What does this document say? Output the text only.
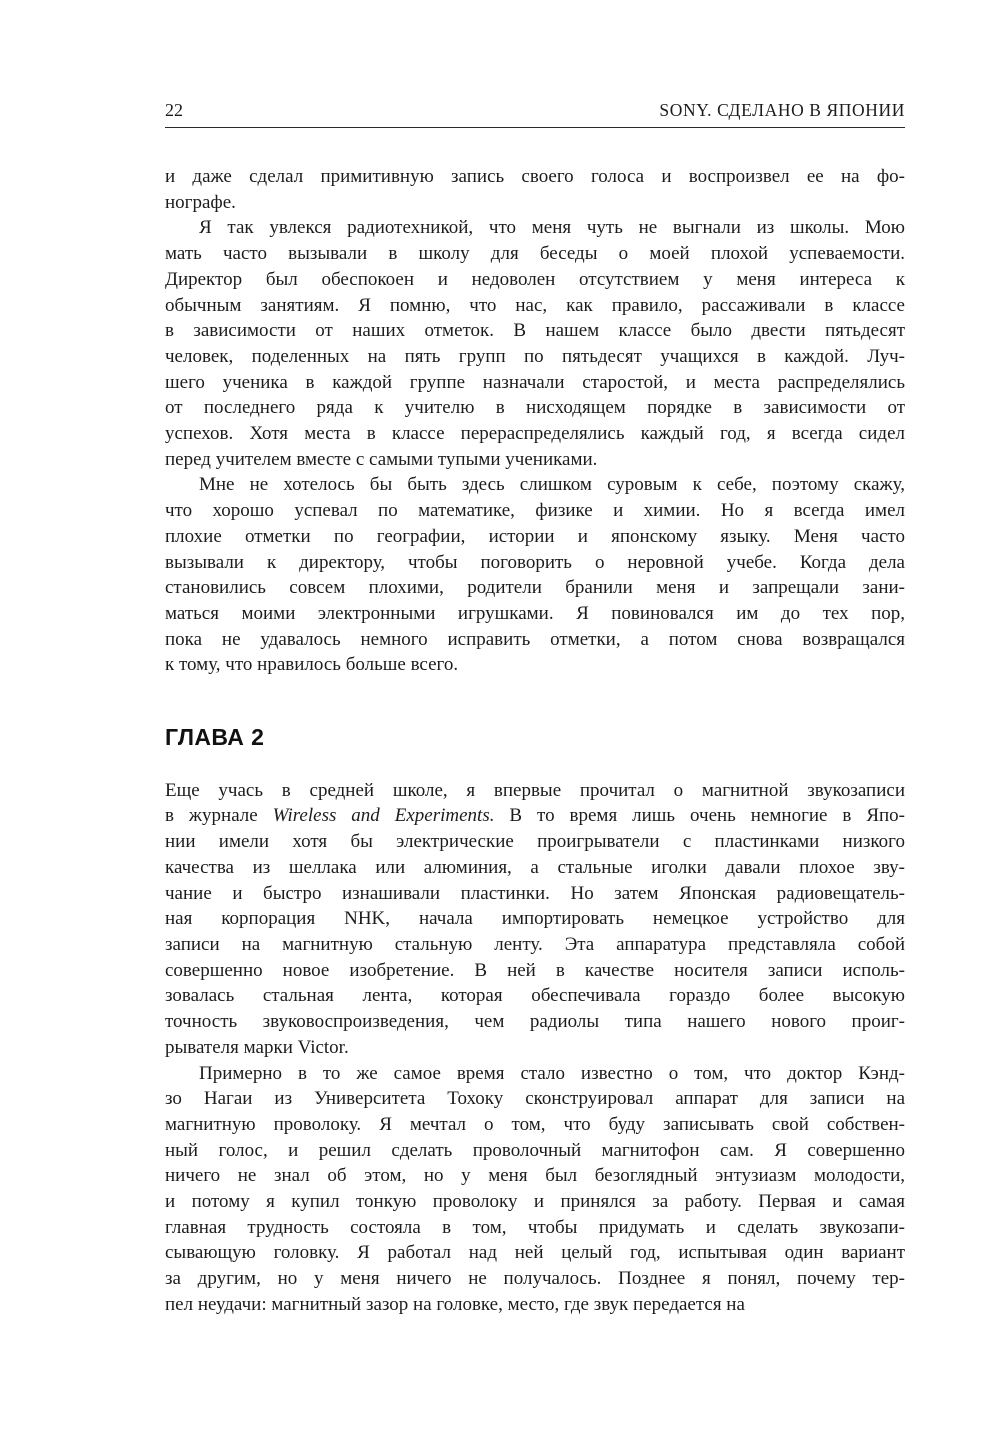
22	SONY. СДЕЛАНО В ЯПОНИИ
и даже сделал примитивную запись своего голоса и воспроизвел ее на фо-
нографе.
Я так увлекся радиотехникой, что меня чуть не выгнали из школы. Мою
мать часто вызывали в школу для беседы о моей плохой успеваемости.
Директор был обеспокоен и недоволен отсутствием у меня интереса к
обычным занятиям. Я помню, что нас, как правило, рассаживали в классе
в зависимости от наших отметок. В нашем классе было двести пятьдесят
человек, поделенных на пять групп по пятьдесят учащихся в каждой. Луч-
шего ученика в каждой группе назначали старостой, и места распределялись
от последнего ряда к учителю в нисходящем порядке в зависимости от
успехов. Хотя места в классе перераспределялись каждый год, я всегда сидел
перед учителем вместе с самыми тупыми учениками.
Мне не хотелось бы быть здесь слишком суровым к себе, поэтому скажу,
что хорошо успевал по математике, физике и химии. Но я всегда имел
плохие отметки по географии, истории и японскому языку. Меня часто
вызывали к директору, чтобы поговорить о неровной учебе. Когда дела
становились совсем плохими, родители бранили меня и запрещали зани-
маться моими электронными игрушками. Я повиновался им до тех пор,
пока не удавалось немного исправить отметки, а потом снова возвращался
к тому, что нравилось больше всего.
ГЛАВА 2
Еще учась в средней школе, я впервые прочитал о магнитной звукозаписи
в журнале Wireless and Experiments. В то время лишь очень немногие в Япо-
нии имели хотя бы электрические проигрыватели с пластинками низкого
качества из шеллака или алюминия, а стальные иголки давали плохое зву-
чание и быстро изнашивали пластинки. Но затем Японская радиовещатель-
ная корпорация NHK, начала импортировать немецкое устройство для
записи на магнитную стальную ленту. Эта аппаратура представляла собой
совершенно новое изобретение. В ней в качестве носителя записи исполь-
зовалась стальная лента, которая обеспечивала гораздо более высокую
точность звуковоспроизведения, чем радиолы типа нашего нового проиг-
рывателя марки Victor.
Примерно в то же самое время стало известно о том, что доктор Кэнд-
зо Нагаи из Университета Тохоку сконструировал аппарат для записи на
магнитную проволоку. Я мечтал о том, что буду записывать свой собствен-
ный голос, и решил сделать проволочный магнитофон сам. Я совершенно
ничего не знал об этом, но у меня был безоглядный энтузиазм молодости,
и потому я купил тонкую проволоку и принялся за работу. Первая и самая
главная трудность состояла в том, чтобы придумать и сделать звукозапи-
сывающую головку. Я работал над ней целый год, испытывая один вариант
за другим, но у меня ничего не получалось. Позднее я понял, почему тер-
пел неудачи: магнитный зазор на головке, место, где звук передается на
